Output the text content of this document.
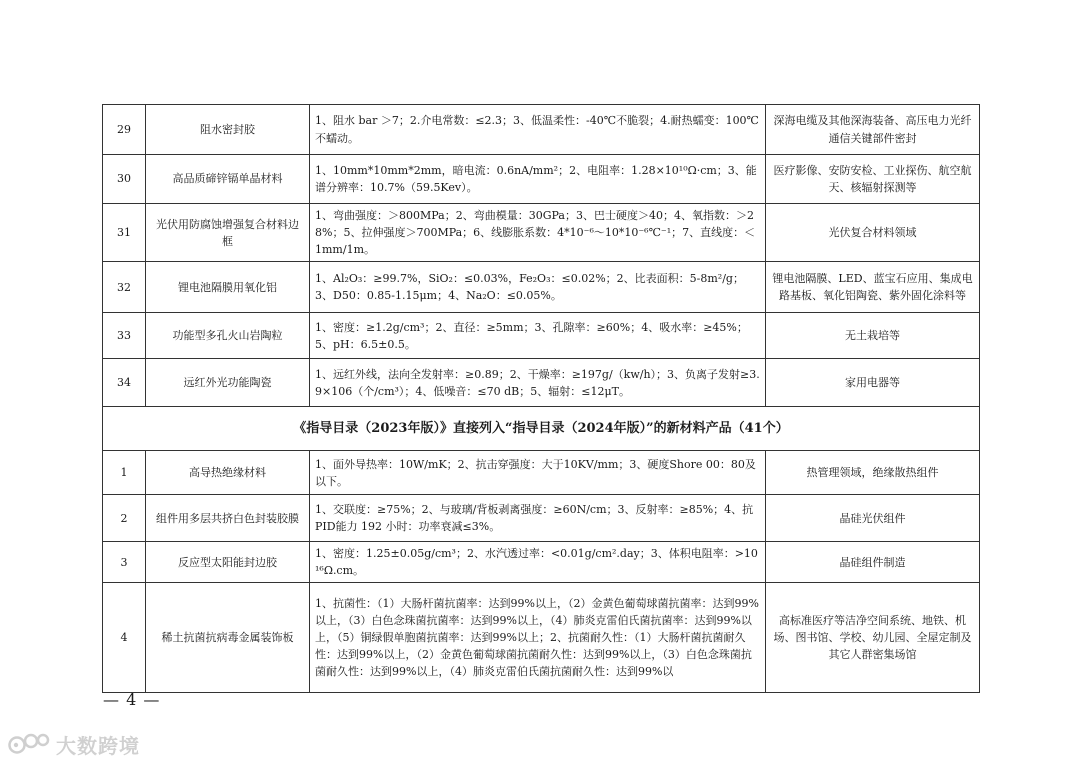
29	阻水密封胶	1、阻水 bar ＞7；2.介电常数：≤2.3；3、低温柔性：-40℃不脆裂；4.耐热蠕变：100℃不蠕动。	深海电缆及其他深海装备、高压电力光纤通信关键部件密封
30	高品质碲锌镉单晶材料	1、10mm*10mm*2mm，暗电流：0.6nA/mm²；2、电阻率：1.28×10¹⁰Ω·cm；3、能谱分辨率：10.7%（59.5Kev）。	医疗影像、安防安检、工业探伤、航空航天、核辐射探测等
31	光伏用防腐蚀增强复合材料边框	1、弯曲强度：＞800MPa；2、弯曲模量：30GPa；3、巴士硬度＞40；4、氧指数：＞28%；5、拉伸强度＞700MPa；6、线膨胀系数：4*10⁻⁶～10*10⁻⁶℃⁻¹；7、直线度：＜1mm/1m。	光伏复合材料领域
32	锂电池隔膜用氧化铝	1、Al₂O₃：≥99.7%，SiO₂：≤0.03%，Fe₂O₃：≤0.02%；2、比表面积：5-8m²/g；3、D50：0.85-1.15μm；4、Na₂O：≤0.05%。	锂电池隔膜、LED、蓝宝石应用、集成电路基板、氧化铝陶瓷、紫外固化涂料等
33	功能型多孔火山岩陶粒	1、密度：≥1.2g/cm³；2、直径：≥5mm；3、孔隙率：≥60%；4、吸水率：≥45%；5、pH：6.5±0.5。	无土栽培等
34	远红外光功能陶瓷	1、远红外线，法向全发射率：≥0.89；2、干燥率：≥197g/（kw/h）；3、负离子发射≥3.9×106（个/cm³）；4、低噪音：≤70 dB；5、辐射：≤12μT。	家用电器等
《指导目录（2023年版）》直接列入“指导目录（2024年版）”的新材料产品（41个）			
1	高导热绝缘材料	1、面外导热率：10W/mK；2、抗击穿强度：大于10KV/mm；3、硬度Shore 00：80及以下。	热管理领域，绝缘散热组件
2	组件用多层共挤白色封装胶膜	1、交联度：≥75%；2、与玻璃/背板剥离强度：≥60N/cm；3、反射率：≥85%；4、抗PID能力 192 小时：功率衰减≤3%。	晶硅光伏组件
3	反应型太阳能封边胶	1、密度：1.25±0.05g/cm³；2、水汽透过率：<0.01g/cm².day；3、体积电阻率：>10¹⁶Ω.cm。	晶硅组件制造
4	稀土抗菌抗病毒金属装饰板	1、抗菌性：（1）大肠杆菌抗菌率：达到99%以上，（2）金黄色葡萄球菌抗菌率：达到99%以上，（3）白色念珠菌抗菌率：达到99%以上，（4）肺炎克雷伯氏菌抗菌率：达到99%以上，（5）铜绿假单胞菌抗菌率：达到99%以上；2、抗菌耐久性：（1）大肠杆菌抗菌耐久性：达到99%以上，（2）金黄色葡萄球菌抗菌耐久性：达到99%以上，（3）白色念珠菌抗菌耐久性：达到99%以上，（4）肺炎克雷伯氏菌抗菌耐久性：达到99%以	高标准医疗等洁净空间系统、地铁、机场、图书馆、学校、幼儿园、全屋定制及其它人群密集场馆
— 4 —
大数跨境
